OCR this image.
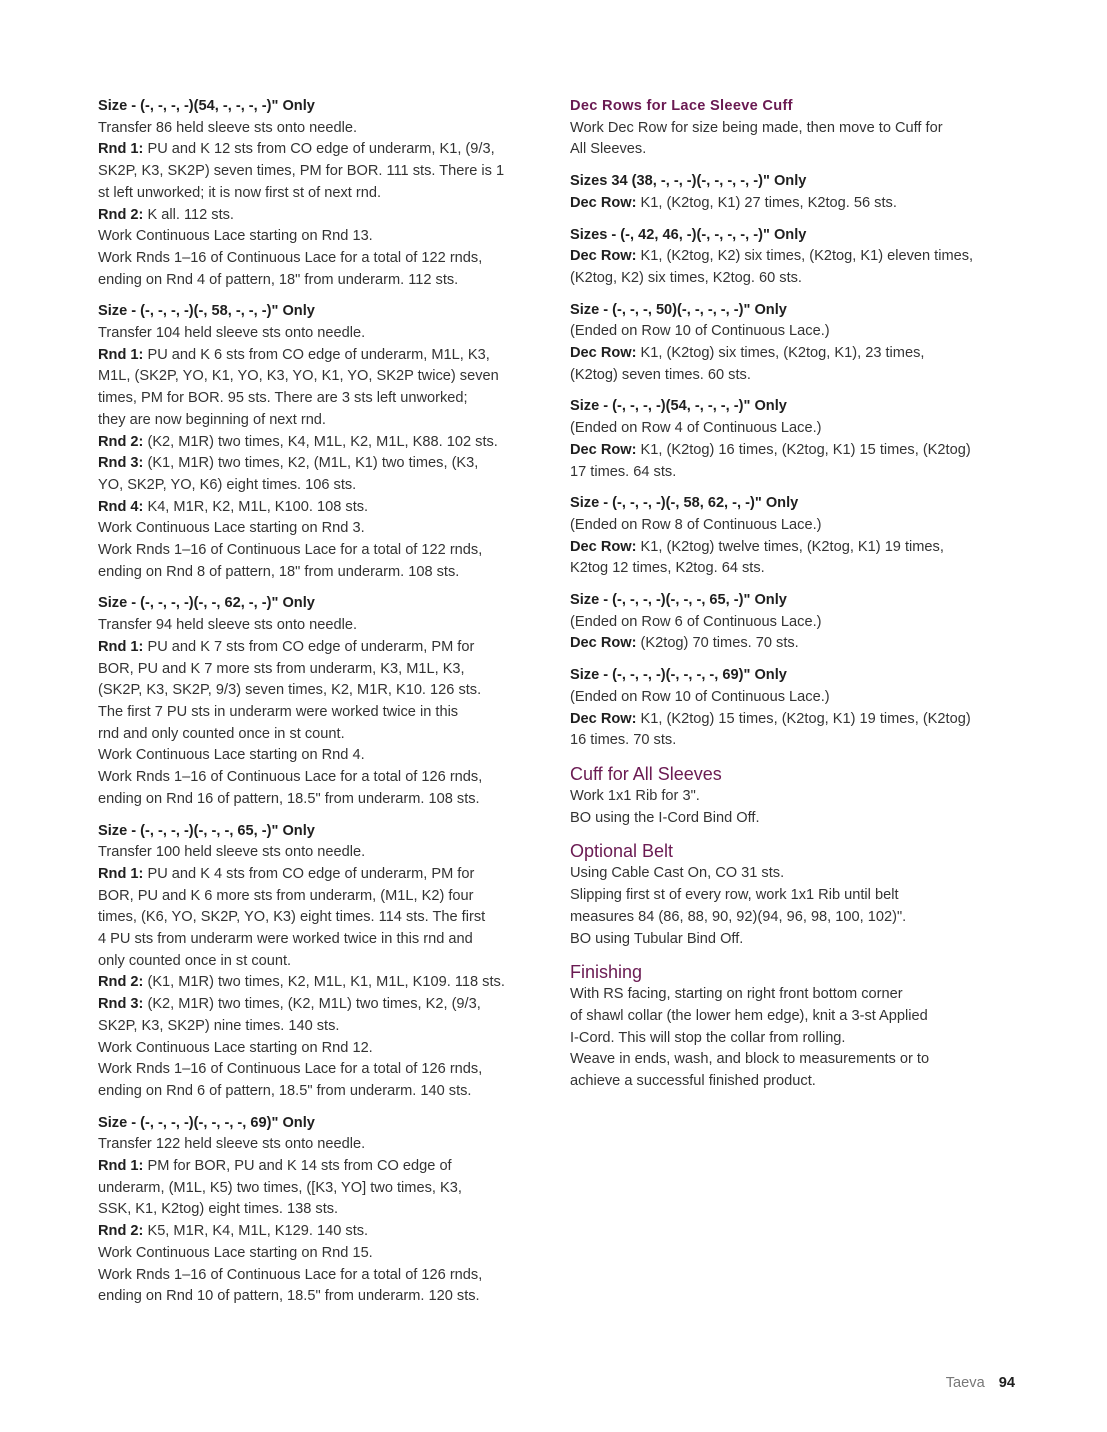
Size - (-, -, -, -)(54, -, -, -, -)" Only
Transfer 86 held sleeve sts onto needle.
Rnd 1: PU and K 12 sts from CO edge of underarm, K1, (9/3,
SK2P, K3, SK2P) seven times, PM for BOR. 111 sts. There is 1
st left unworked; it is now first st of next rnd.
Rnd 2: K all. 112 sts.
Work Continuous Lace starting on Rnd 13.
Work Rnds 1–16 of Continuous Lace for a total of 122 rnds,
ending on Rnd 4 of pattern, 18" from underarm. 112 sts.
Size - (-, -, -, -)(-, 58, -, -, -)" Only
Transfer 104 held sleeve sts onto needle.
Rnd 1: PU and K 6 sts from CO edge of underarm, M1L, K3,
M1L, (SK2P, YO, K1, YO, K3, YO, K1, YO, SK2P twice) seven
times, PM for BOR. 95 sts. There are 3 sts left unworked;
they are now beginning of next rnd.
Rnd 2: (K2, M1R) two times, K4, M1L, K2, M1L, K88. 102 sts.
Rnd 3: (K1, M1R) two times, K2, (M1L, K1) two times, (K3,
YO, SK2P, YO, K6) eight times. 106 sts.
Rnd 4: K4, M1R, K2, M1L, K100. 108 sts.
Work Continuous Lace starting on Rnd 3.
Work Rnds 1–16 of Continuous Lace for a total of 122 rnds,
ending on Rnd 8 of pattern, 18" from underarm. 108 sts.
Size - (-, -, -, -)(-, -, 62, -, -)" Only
Transfer 94 held sleeve sts onto needle.
Rnd 1: PU and K 7 sts from CO edge of underarm, PM for
BOR, PU and K 7 more sts from underarm, K3, M1L, K3,
(SK2P, K3, SK2P, 9/3) seven times, K2, M1R, K10. 126 sts.
The first 7 PU sts in underarm were worked twice in this
rnd and only counted once in st count.
Work Continuous Lace starting on Rnd 4.
Work Rnds 1–16 of Continuous Lace for a total of 126 rnds,
ending on Rnd 16 of pattern, 18.5" from underarm. 108 sts.
Size - (-, -, -, -)(-, -, -, 65, -)" Only
Transfer 100 held sleeve sts onto needle.
Rnd 1: PU and K 4 sts from CO edge of underarm, PM for
BOR, PU and K 6 more sts from underarm, (M1L, K2) four
times, (K6, YO, SK2P, YO, K3) eight times. 114 sts. The first
4 PU sts from underarm were worked twice in this rnd and
only counted once in st count.
Rnd 2: (K1, M1R) two times, K2, M1L, K1, M1L, K109. 118 sts.
Rnd 3: (K2, M1R) two times, (K2, M1L) two times, K2, (9/3,
SK2P, K3, SK2P) nine times. 140 sts.
Work Continuous Lace starting on Rnd 12.
Work Rnds 1–16 of Continuous Lace for a total of 126 rnds,
ending on Rnd 6 of pattern, 18.5" from underarm. 140 sts.
Size - (-, -, -, -)(-, -, -, -, 69)" Only
Transfer 122 held sleeve sts onto needle.
Rnd 1: PM for BOR, PU and K 14 sts from CO edge of
underarm, (M1L, K5) two times, ([K3, YO] two times, K3,
SSK, K1, K2tog) eight times. 138 sts.
Rnd 2: K5, M1R, K4, M1L, K129. 140 sts.
Work Continuous Lace starting on Rnd 15.
Work Rnds 1–16 of Continuous Lace for a total of 126 rnds,
ending on Rnd 10 of pattern, 18.5" from underarm. 120 sts.
Dec Rows for Lace Sleeve Cuff
Work Dec Row for size being made, then move to Cuff for
All Sleeves.
Sizes 34 (38, -, -, -)(-, -, -, -, -)" Only
Dec Row: K1, (K2tog, K1) 27 times, K2tog. 56 sts.
Sizes - (-, 42, 46, -)(-, -, -, -, -)" Only
Dec Row: K1, (K2tog, K2) six times, (K2tog, K1) eleven times,
(K2tog, K2) six times, K2tog. 60 sts.
Size - (-, -, -, 50)(-, -, -, -, -)" Only
(Ended on Row 10 of Continuous Lace.)
Dec Row: K1, (K2tog) six times, (K2tog, K1), 23 times,
(K2tog) seven times. 60 sts.
Size - (-, -, -, -)(54, -, -, -, -)" Only
(Ended on Row 4 of Continuous Lace.)
Dec Row: K1, (K2tog) 16 times, (K2tog, K1) 15 times, (K2tog)
17 times. 64 sts.
Size - (-, -, -, -)(-, 58, 62, -, -)" Only
(Ended on Row 8 of Continuous Lace.)
Dec Row: K1, (K2tog) twelve times, (K2tog, K1) 19 times,
K2tog 12 times, K2tog. 64 sts.
Size - (-, -, -, -)(-, -, -, 65, -)" Only
(Ended on Row 6 of Continuous Lace.)
Dec Row: (K2tog) 70 times. 70 sts.
Size - (-, -, -, -)(-, -, -, -, 69)" Only
(Ended on Row 10 of Continuous Lace.)
Dec Row: K1, (K2tog) 15 times, (K2tog, K1) 19 times, (K2tog)
16 times. 70 sts.
Cuff for All Sleeves
Work 1x1 Rib for 3".
BO using the I-Cord Bind Off.
Optional Belt
Using Cable Cast On, CO 31 sts.
Slipping first st of every row, work 1x1 Rib until belt
measures 84 (86, 88, 90, 92)(94, 96, 98, 100, 102)".
BO using Tubular Bind Off.
Finishing
With RS facing, starting on right front bottom corner
of shawl collar (the lower hem edge), knit a 3-st Applied
I-Cord. This will stop the collar from rolling.
Weave in ends, wash, and block to measurements or to
achieve a successful finished product.
Taeva 94
